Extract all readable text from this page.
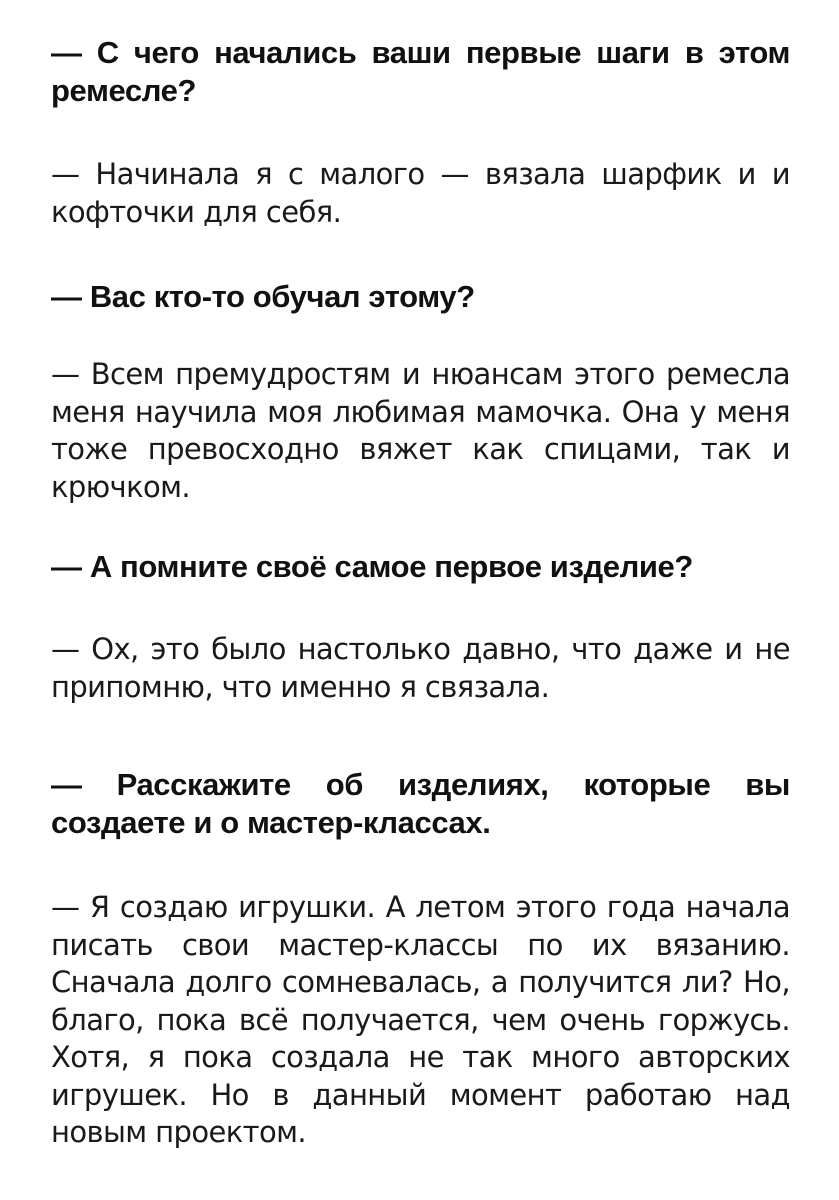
— С чего начались ваши первые шаги в этом ремесле?

— Начинала я с малого — вязала шарфик и и кофточки для себя.

— Вас кто-то обучал этому?

— Всем премудростям и нюансам этого ремесла меня научила моя любимая мамочка. Она у меня тоже превосходно вяжет как спицами, так и крючком.

— А помните своё самое первое изделие?

— Ох, это было настолько давно, что даже и не припомню, что именно я связала.

— Расскажите об изделиях, которые вы создаете и о мастер-классах.

— Я создаю игрушки. А летом этого года начала писать свои мастер-классы по их вязанию. Сначала долго сомневалась, а получится ли? Но, благо, пока всё получается, чем очень горжусь. Хотя, я пока создала не так много авторских игрушек. Но в данный момент работаю над новым проектом.
